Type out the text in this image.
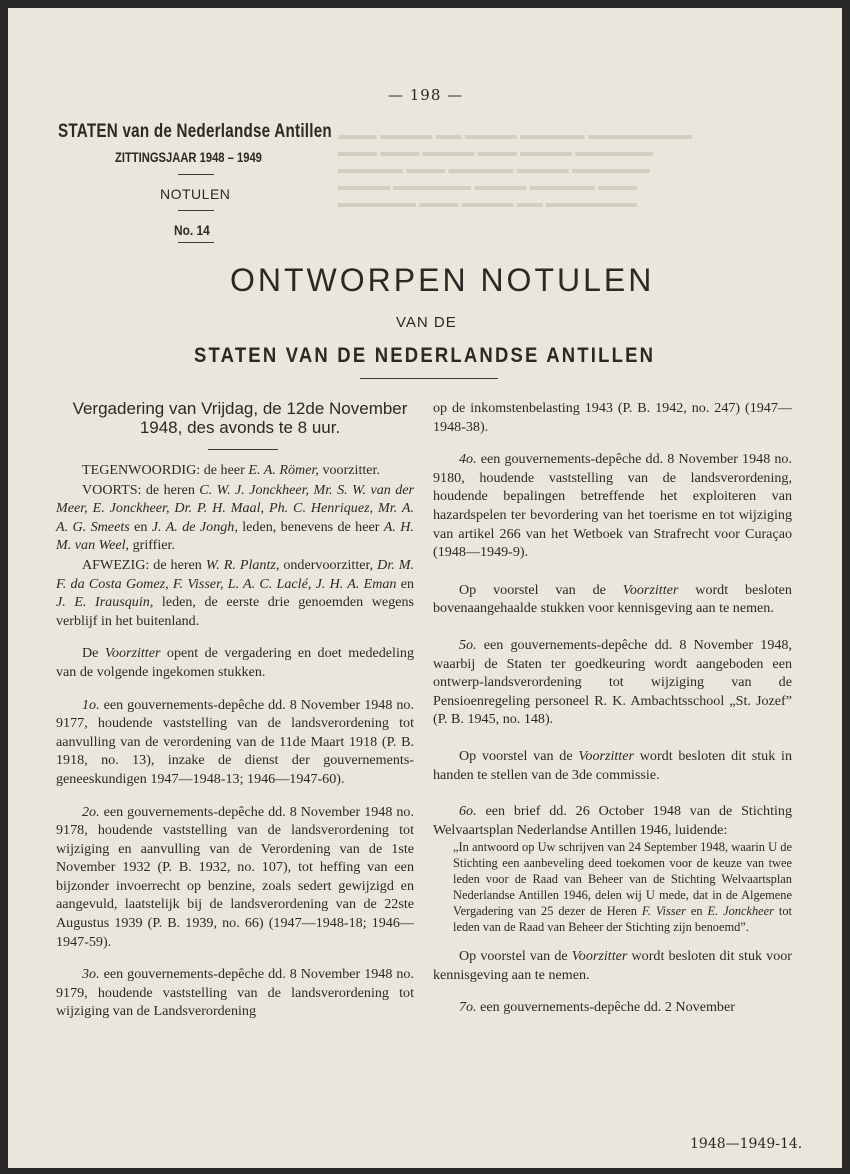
▬▬▬ ▬▬▬▬ ▬▬ ▬▬▬▬ ▬▬▬▬▬ ▬▬▬▬▬▬▬▬
▬▬▬ ▬▬▬ ▬▬▬▬ ▬▬▬ ▬▬▬▬ ▬▬▬▬▬▬
▬▬▬▬▬ ▬▬▬ ▬▬▬▬▬ ▬▬▬▬ ▬▬▬▬▬▬
▬▬▬▬ ▬▬▬▬▬▬ ▬▬▬▬ ▬▬▬▬▬ ▬▬▬
▬▬▬▬▬▬ ▬▬▬ ▬▬▬▬ ▬▬ ▬▬▬▬▬▬▬
— 198 —
STATEN van de Nederlandse Antillen
ZITTINGSJAAR 1948 – 1949
NOTULEN
No. 14
ONTWORPEN NOTULEN
VAN DE
STATEN VAN DE NEDERLANDSE ANTILLEN
Vergadering van Vrijdag, de 12de November 1948, des avonds te 8 uur.

TEGENWOORDIG: de heer E. A. Römer, voorzitter.

VOORTS: de heren C. W. J. Jonckheer, Mr. S. W. van der Meer, E. Jonckheer, Dr. P. H. Maal, Ph. C. Henriquez, Mr. A. A. G. Smeets en J. A. de Jongh, leden, benevens de heer A. H. M. van Weel, griffier.

AFWEZIG: de heren W. R. Plantz, ondervoorzitter, Dr. M. F. da Costa Gomez, F. Visser, L. A. C. Laclé, J. H. A. Eman en J. E. Irausquin, leden, de eerste drie genoemden wegens verblijf in het buitenland.

De Voorzitter opent de vergadering en doet mededeling van de volgende ingekomen stukken.

1o. een gouvernements-depêche dd. 8 November 1948 no. 9177, houdende vaststelling van de landsverordening tot aanvulling van de verordening van de 11de Maart 1918 (P. B. 1918, no. 13), inzake de dienst der gouvernements-geneeskundigen 1947—1948-13; 1946—1947-60).

2o. een gouvernements-depêche dd. 8 November 1948 no. 9178, houdende vaststelling van de landsverordening tot wijziging en aanvulling van de Verordening van de 1ste November 1932 (P. B. 1932, no. 107), tot heffing van een bijzonder invoerrecht op benzine, zoals sedert gewijzigd en aangevuld, laatstelijk bij de landsverordening van de 22ste Augustus 1939 (P. B. 1939, no. 66) (1947—1948-18; 1946—1947-59).

3o. een gouvernements-depêche dd. 8 November 1948 no. 9179, houdende vaststelling van de landsverordening tot wijziging van de Landsverordening

op de inkomstenbelasting 1943 (P. B. 1942, no. 247) (1947—1948-38).

4o. een gouvernements-depêche dd. 8 November 1948 no. 9180, houdende vaststelling van de landsverordening, houdende bepalingen betreffende het exploiteren van hazardspelen ter bevordering van het toerisme en tot wijziging van artikel 266 van het Wetboek van Strafrecht voor Curaçao (1948—1949-9).

Op voorstel van de Voorzitter wordt besloten bovenaangehaalde stukken voor kennisgeving aan te nemen.

5o. een gouvernements-depêche dd. 8 November 1948, waarbij de Staten ter goedkeuring wordt aangeboden een ontwerp-landsverordening tot wijziging van de Pensioenregeling personeel R. K. Ambachtsschool „St. Jozef” (P. B. 1945, no. 148).

Op voorstel van de Voorzitter wordt besloten dit stuk in handen te stellen van de 3de commissie.

6o. een brief dd. 26 October 1948 van de Stichting Welvaartsplan Nederlandse Antillen 1946, luidende:

„In antwoord op Uw schrijven van 24 September 1948, waarin U de Stichting een aanbeveling deed toekomen voor de keuze van twee leden voor de Raad van Beheer van de Stichting Welvaartsplan Nederlandse Antillen 1946, delen wij U mede, dat in de Algemene Vergadering van 25 dezer de Heren F. Visser en E. Jonckheer tot leden van de Raad van Beheer der Stichting zijn benoemd”.

Op voorstel van de Voorzitter wordt besloten dit stuk voor kennisgeving aan te nemen.

7o. een gouvernements-depêche dd. 2 November

1948—1949-14.
